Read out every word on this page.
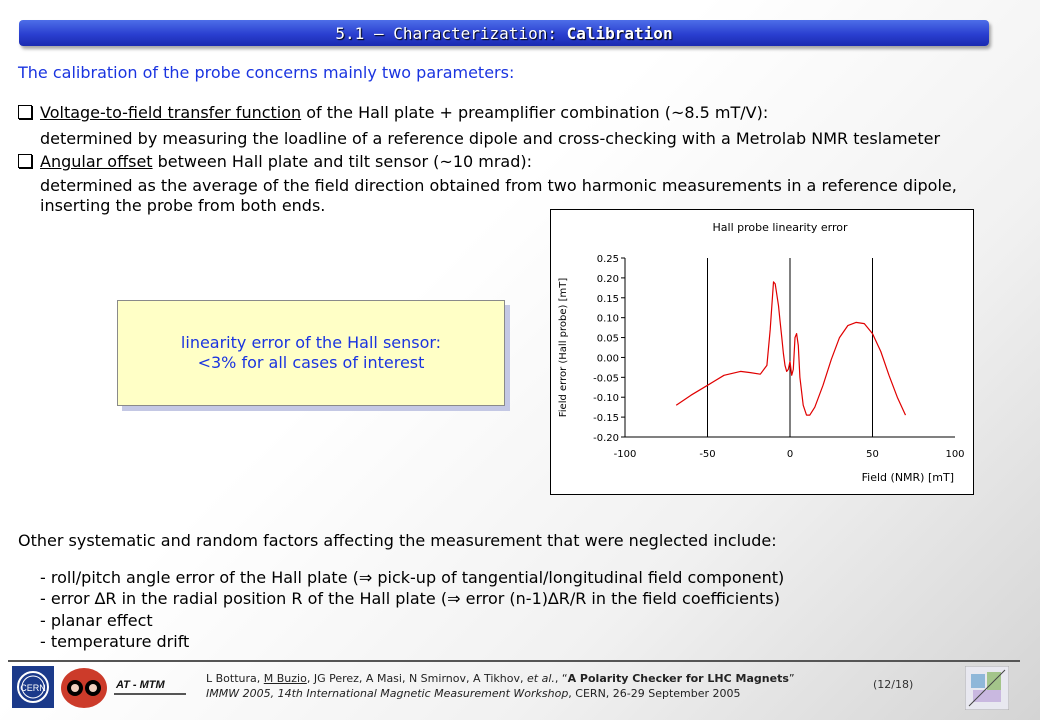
5.1 – Characterization: Calibration
The calibration of the probe concerns mainly two parameters:
Voltage-to-field transfer function of the Hall plate + preamplifier combination (~8.5 mT/V):
determined by measuring the loadline of a reference dipole and cross-checking with a Metrolab NMR teslameter
Angular offset between Hall plate and tilt sensor (~10 mrad):
determined as the average of the field direction obtained from two harmonic measurements in a reference dipole,
inserting the probe from both ends.
linearity error of the Hall sensor:
<3% for all cases of interest
Hall probe linearity error
-100	-50	0	50	100
0.25
0.20
0.15
0.10
0.05
0.00
-0.05
-0.10
-0.15
-0.20
Field (NMR) [mT]
Field error (Hall probe) [mT]
Other systematic and random factors affecting the measurement that were neglected include:
- roll/pitch angle error of the Hall plate (⇒ pick-up of tangential/longitudinal field component)
- error ∆R in the radial position R of the Hall plate (⇒ error (n-1)∆R/R in the field coefficients)
- planar effect
- temperature drift
CERN	AT - MTM	L Bottura, M Buzio, JG Perez, A Masi, N Smirnov, A Tikhov, et al., “A Polarity Checker for LHC Magnets”
IMMW 2005, 14th International Magnetic Measurement Workshop, CERN, 26-29 September 2005
(12/18)
